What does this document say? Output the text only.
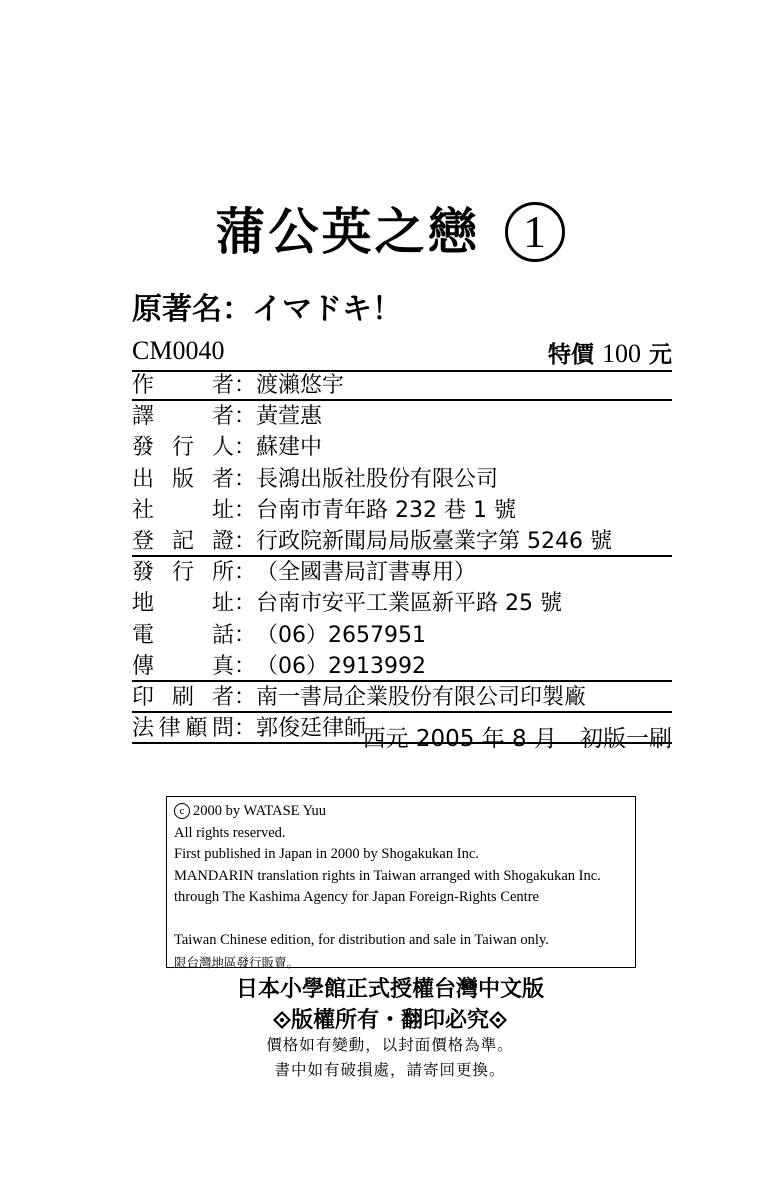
蒲公英之戀 1
原著名：イマドキ！
CM0040	特價 100 元
作者：渡瀨悠宇
譯者：黃萱惠
發行人：蘇建中
出版者：長鴻出版社股份有限公司
社址：台南市青年路 232 巷 1 號
登記證：行政院新聞局局版臺業字第 5246 號
發行所：（全國書局訂書專用）
地址：台南市安平工業區新平路 25 號
電話：（06）2657951
傳真：（06）2913992
印刷者：南一書局企業股份有限公司印製廠
法律顧問：郭俊廷律師
西元 2005 年 8 月　初版一刷
c 2000 by WATASE Yuu
All rights reserved.
First published in Japan in 2000 by Shogakukan Inc.
MANDARIN translation rights in Taiwan arranged with Shogakukan Inc.
through The Kashima Agency for Japan Foreign-Rights Centre
Taiwan Chinese edition, for distribution and sale in Taiwan only.
限台灣地區發行販賣。
日本小學館正式授權台灣中文版
版權所有・翻印必究
價格如有變動，以封面價格為準。
書中如有破損處，請寄回更換。
